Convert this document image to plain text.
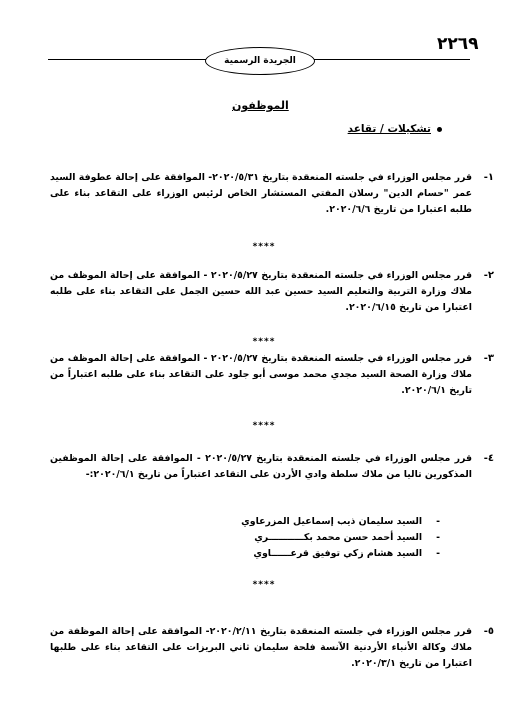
٢٢٦٩
الجريدة الرسمية
الموظفون
تشكيلات / تقاعد
١-
قرر مجلس الوزراء في جلسته المنعقدة بتاريخ ٢٠٢٠/٥/٣١- الموافقة على إحالة عطوفة السيد عمر "حسام الدين" رسلان المفتي المستشار الخاص لرئيس الوزراء على التقاعد بناء على طلبه اعتبارا من تاريخ ٢٠٢٠/٦/٦.
****
٢-
قرر مجلس الوزراء في جلسته المنعقدة بتاريخ ٢٠٢٠/٥/٢٧ - الموافقة على إحالة الموظف من ملاك وزارة التربية والتعليم السيد حسين عبد الله حسين الجمل على التقاعد بناء على طلبه اعتبارا من تاريخ ٢٠٢٠/٦/١٥.
****
٣-
قرر مجلس الوزراء في جلسته المنعقدة بتاريخ ٢٠٢٠/٥/٢٧ - الموافقة على إحالة الموظف من ملاك وزارة الصحة السيد مجدي محمد موسى أبو جلود على التقاعد بناء على طلبه اعتباراً من تاريخ ٢٠٢٠/٦/١.
****
٤-
قرر مجلس الوزراء في جلسته المنعقدة بتاريخ ٢٠٢٠/٥/٢٧ - الموافقة على إحالة الموظفين المذكورين تاليا من ملاك سلطة وادي الأردن على التقاعد اعتباراً من تاريخ ٢٠٢٠/٦/١:-
-
السيد سليمان ذيب إسماعيل المزرعاوي
-
السيد أحمد حسن محمد بكـــــــــــري
-
السيد هشام زكي توفيق قرعــــــاوي
****
٥-
قرر مجلس الوزراء في جلسته المنعقدة بتاريخ ٢٠٢٠/٢/١١- الموافقة على إحالة الموظفة من ملاك وكالة الأنباء الأردنية الآنسة فلحة سليمان ثاني البريزات على التقاعد بناء على طلبها اعتبارا من تاريخ ٢٠٢٠/٣/١.
